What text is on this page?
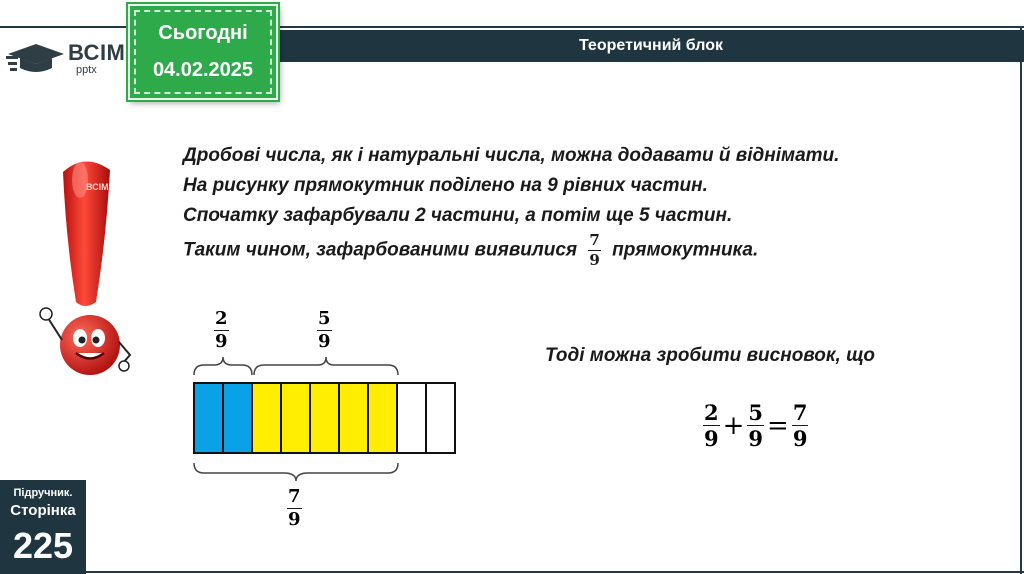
Теоретичний блок
ВСІМ
pptx
Сьогодні
04.02.2025
ВСІМ
Дробові числа, як і натуральні числа, можна додавати й віднімати.
На рисунку прямокутник поділено на 9 рівних частин.
Спочатку зафарбували 2 частини, а потім ще 5 частин.
Таким чином, зафарбованими виявилися $\frac{7}{9}$ прямокутника.
$\frac{2}{9}$	$\frac{5}{9}$
$\frac{7}{9}$
Тоді можна зробити висновок, що
$\frac{2}{9} + \frac{5}{9} = \frac{7}{9}$
Підручник.
Сторінка
225
